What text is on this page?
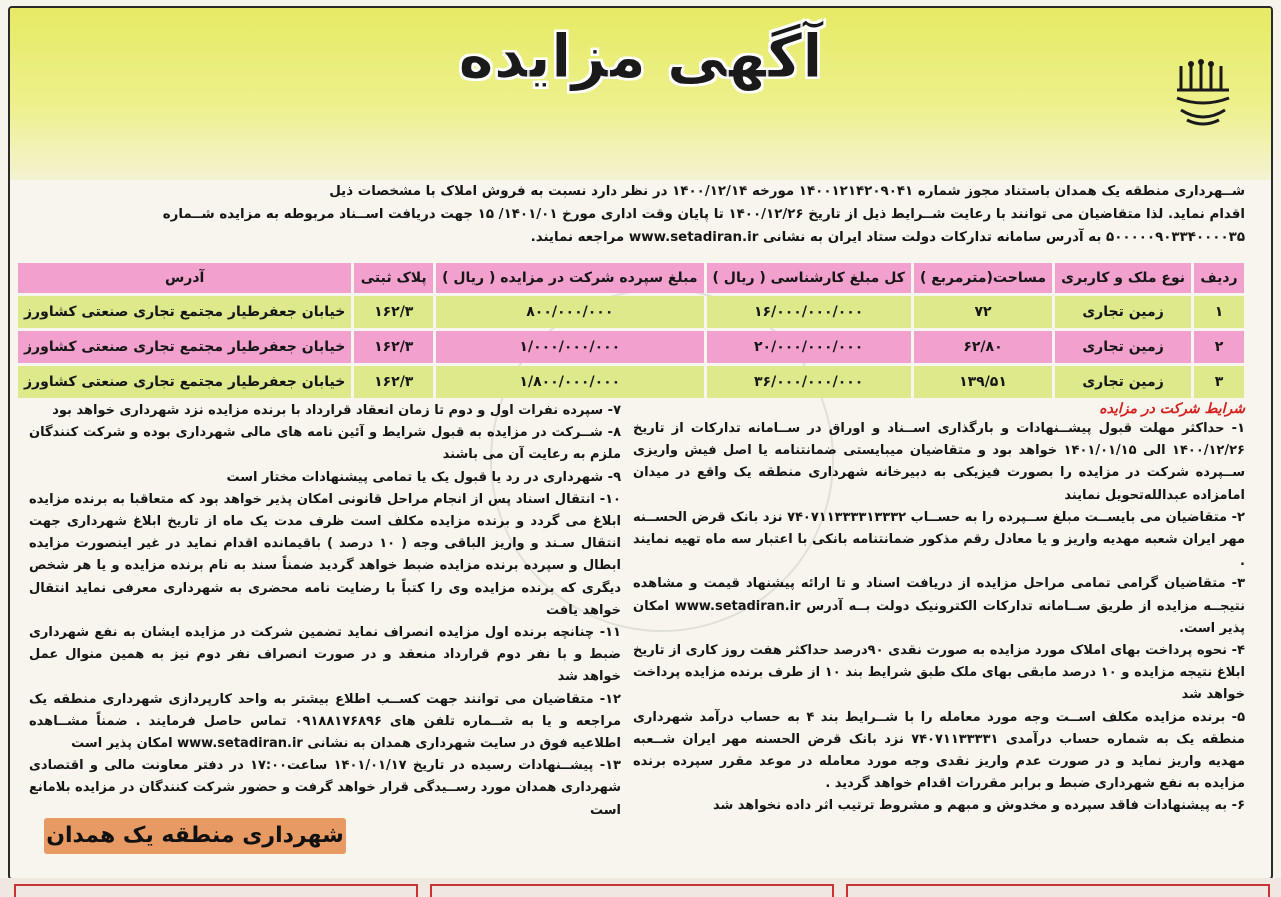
آگهی مزایده
شــهرداری منطقه یک همدان باستناد مجوز شماره ۱۴۰۰۱۲۱۴۲۰۹۰۴۱ مورخه ۱۴۰۰/۱۲/۱۴ در نظر دارد نسبت به فروش املاک با مشخصات ذیل
اقدام نماید. لذا متقاضیان می توانند با رعایت شــرایط ذیل از تاریخ ۱۴۰۰/۱۲/۲۶ تا پایان وقت اداری مورخ ۱۴۰۱/۰۱/ ۱۵ جهت دریافت اســناد مربوطه به مزایده شــماره
۵۰۰۰۰۰۹۰۳۳۴۰۰۰۰۳۵ به آدرس سامانه تدارکات دولت ستاد ایران به نشانی www.setadiran.ir مراجعه نمایند.
ردیف	نوع ملک و کاربری	مساحت(مترمربع )	کل مبلغ کارشناسی ( ریال )	مبلغ سپرده شرکت در مزایده ( ریال )	پلاک ثبتی	آدرس
۱	زمین تجاری	۷۲	۱۶/۰۰۰/۰۰۰/۰۰۰	۸۰۰/۰۰۰/۰۰۰	۱۶۲/۳	خیابان جعفرطیار مجتمع تجاری صنعتی کشاورز
۲	زمین تجاری	۶۲/۸۰	۲۰/۰۰۰/۰۰۰/۰۰۰	۱/۰۰۰/۰۰۰/۰۰۰	۱۶۲/۳	خیابان جعفرطیار مجتمع تجاری صنعتی کشاورز
۳	زمین تجاری	۱۳۹/۵۱	۳۶/۰۰۰/۰۰۰/۰۰۰	۱/۸۰۰/۰۰۰/۰۰۰	۱۶۲/۳	خیابان جعفرطیار مجتمع تجاری صنعتی کشاورز
شرایط شرکت در مزایده

۱- حداکثر مهلت قبول پیشــنهادات و بارگذاری اســناد و اوراق در ســامانه تدارکات از تاریخ ۱۴۰۰/۱۲/۲۶ الی ۱۴۰۱/۰۱/۱۵ خواهد بود و متقاضیان میبایستی ضمانتنامه یا اصل فیش واریزی ســپرده شرکت در مزایده را بصورت فیزیکی به دبیرخانه شهرداری منطقه یک واقع در میدان امامزاده عبدالله‌تحویل نمایند

۲- متقاضیان می بایســت مبلغ ســپرده را به حســاب ۷۴۰۷۱۱۳۳۳۳۱۳۳۳۲ نزد بانک قرض الحســنه مهر ایران شعبه مهدیه واریز و یا معادل رقم مذکور ضمانتنامه بانکی با اعتبار سه ماه تهیه نمایند .

۳- متقاضیان گرامی تمامی مراحل مزایده از دریافت اسناد و تا ارائه پیشنهاد قیمت و مشاهده نتیجــه مزایده از طریق ســامانه تدارکات الکترونیک دولت بــه آدرس www.setadiran.ir امکان پذیر است.

۴- نحوه پرداخت بهای املاک مورد مزایده به صورت نقدی ۹۰درصد حداکثر هفت روز کاری از تاریخ ابلاغ نتیجه مزایده و ۱۰ درصد مابقی بهای ملک طبق شرایط بند ۱۰ از طرف برنده مزایده پرداخت خواهد شد

۵- برنده مزایده مکلف اســت وجه مورد معامله را با شــرایط بند ۴ به حساب درآمد شهرداری منطقه یک به شماره حساب درآمدی ۷۴۰۷۱۱۳۳۳۳۱ نزد بانک قرض الحسنه مهر ایران شــعبه مهدیه واریز نماید و در صورت عدم واریز نقدی وجه مورد معامله در موعد مقرر سپرده برنده مزایده به نفع شهرداری ضبط و برابر مقررات اقدام خواهد گردید .

۶- به پیشنهادات فاقد سپرده و مخدوش و مبهم و مشروط ترتیب اثر داده نخواهد شد

۷- سپرده نفرات اول و دوم تا زمان انعقاد قرارداد با برنده مزایده نزد شهرداری خواهد بود

۸- شــرکت در مزایده به قبول شرایط و آئین نامه های مالی شهرداری بوده و شرکت کنندگان ملزم به رعایت آن می باشند

۹- شهرداری در رد یا قبول یک یا تمامی پیشنهادات مختار است

۱۰- انتقال اسناد پس از انجام مراحل قانونی امکان پذیر خواهد بود که متعاقبا به برنده مزایده ابلاغ می گردد و برنده مزایده مکلف است ظرف مدت یک ماه از تاریخ ابلاغ شهرداری جهت انتقال سـند و واریز الباقی وجه ( ۱۰ درصد ) باقیمانده اقدام نماید در غیر اینصورت مزایده ابطال و سپرده برنده مزایده ضبط خواهد گردید ضمناً سند به نام برنده مزایده و یا هر شخص دیگری که برنده مزایده وی را کتباً با رضایت نامه محضری به شهرداری معرفی نماید انتقال خواهد یافت

۱۱- چنانچه برنده اول مزایده انصراف نماید تضمین شرکت در مزایده ایشان به نفع شهرداری ضبط و با نفر دوم قرارداد منعقد و در صورت انصراف نفر دوم نیز به همین منوال عمل خواهد شد

۱۲- متقاضیان می توانند جهت کســب اطلاع بیشتر به واحد کارپردازی شهرداری منطقه یک مراجعه و یا به شــماره تلفن های ۰۹۱۸۸۱۷۶۸۹۶ تماس حاصل فرمایند . ضمناً مشــاهده اطلاعیه فوق در سایت شهرداری همدان به نشانی www.setadiran.ir امکان پذیر است

۱۳- پیشــنهادات رسیده در تاریخ ۱۴۰۱/۰۱/۱۷ ساعت۱۷:۰۰ در دفتر معاونت مالی و اقتصادی شهرداری همدان مورد رســیدگی قرار خواهد گرفت و حضور شرکت کنندگان در مزایده بلامانع است

شهرداری منطقه یک همدان
